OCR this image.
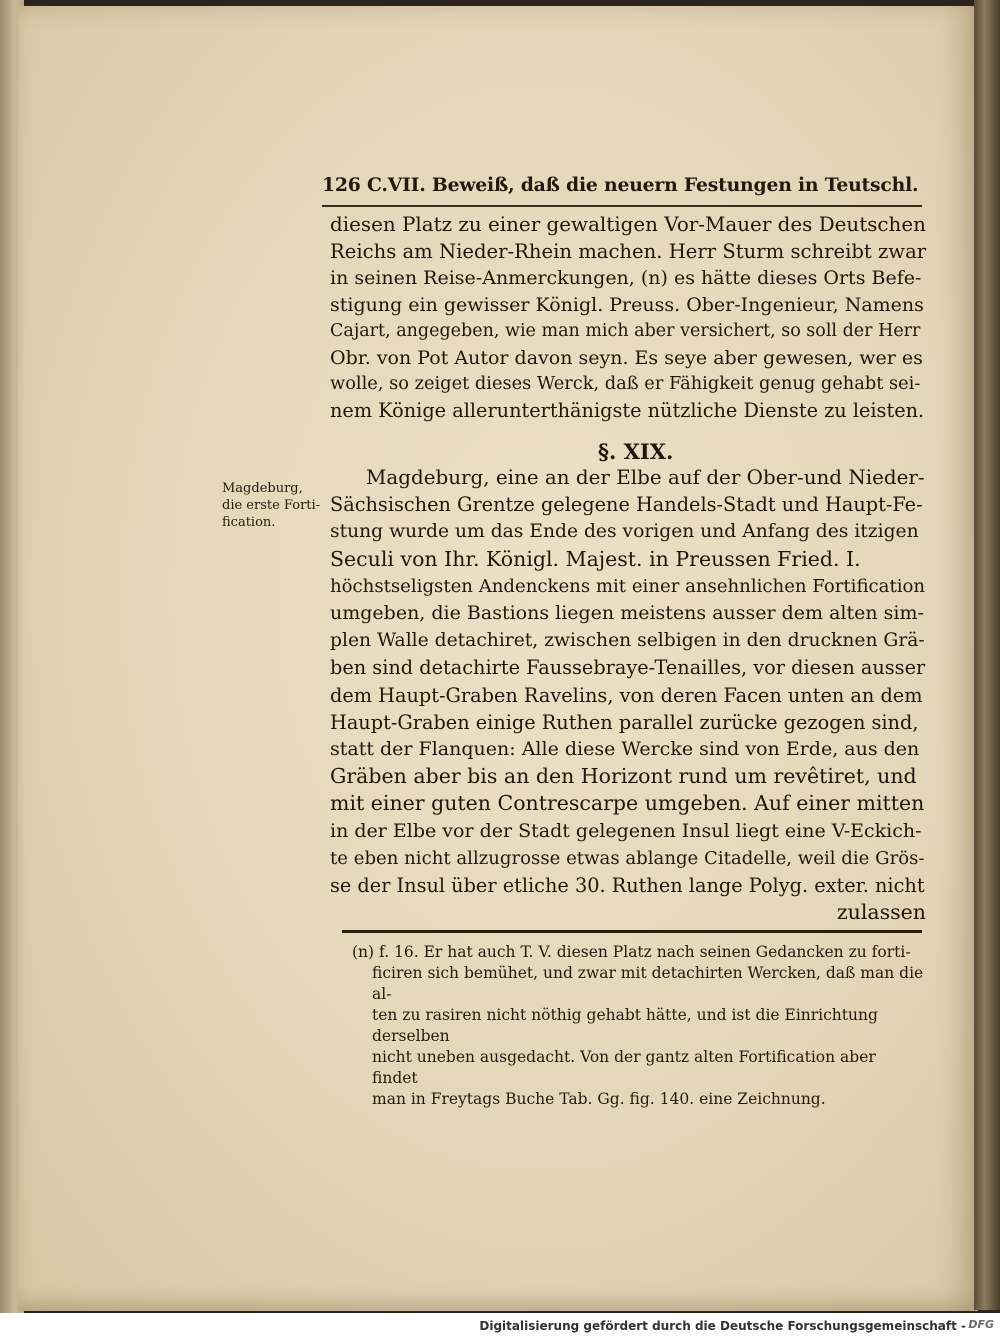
126 C.VII. Beweiß, daß die neuern Festungen in Teutschl.
diesen Platz zu einer gewaltigen Vor-Mauer des Deutschen
Reichs am Nieder-Rhein machen. Herr Sturm schreibt zwar
in seinen Reise-Anmerckungen, (n) es hätte dieses Orts Befe-
stigung ein gewisser Königl. Preuss. Ober-Ingenieur, Namens
Cajart, angegeben, wie man mich aber versichert, so soll der Herr
Obr. von Pot Autor davon seyn. Es seye aber gewesen, wer es
wolle, so zeiget dieses Werck, daß er Fähigkeit genug gehabt sei-
nem Könige allerunterthänigste nützliche Dienste zu leisten.
§. XIX.
Magdeburg,
die erste Forti-
fication.
Magdeburg, eine an der Elbe auf der Ober-und Nieder-
Sächsischen Grentze gelegene Handels-Stadt und Haupt-Fe-
stung wurde um das Ende des vorigen und Anfang des itzigen
Seculi von Ihr. Königl. Majest. in Preussen Fried. I.
höchstseligsten Andenckens mit einer ansehnlichen Fortification
umgeben, die Bastions liegen meistens ausser dem alten sim-
plen Walle detachiret, zwischen selbigen in den drucknen Grä-
ben sind detachirte Faussebraye-Tenailles, vor diesen ausser
dem Haupt-Graben Ravelins, von deren Facen unten an dem
Haupt-Graben einige Ruthen parallel zurücke gezogen sind,
statt der Flanquen: Alle diese Wercke sind von Erde, aus den
Gräben aber bis an den Horizont rund um revêtiret, und
mit einer guten Contrescarpe umgeben. Auf einer mitten
in der Elbe vor der Stadt gelegenen Insul liegt eine V-Eckich-
te eben nicht allzugrosse etwas ablange Citadelle, weil die Grös-
se der Insul über etliche 30. Ruthen lange Polyg. exter. nicht
zulassen
(n) f. 16. Er hat auch T. V. diesen Platz nach seinen Gedancken zu forti-
ficiren sich bemühet, und zwar mit detachirten Wercken, daß man die al-
ten zu rasiren nicht nöthig gehabt hätte, und ist die Einrichtung derselben
nicht uneben ausgedacht. Von der gantz alten Fortification aber findet
man in Freytags Buche Tab. Gg. fig. 140. eine Zeichnung.
Digitalisierung gefördert durch die Deutsche Forschungsgemeinschaft - DFG
